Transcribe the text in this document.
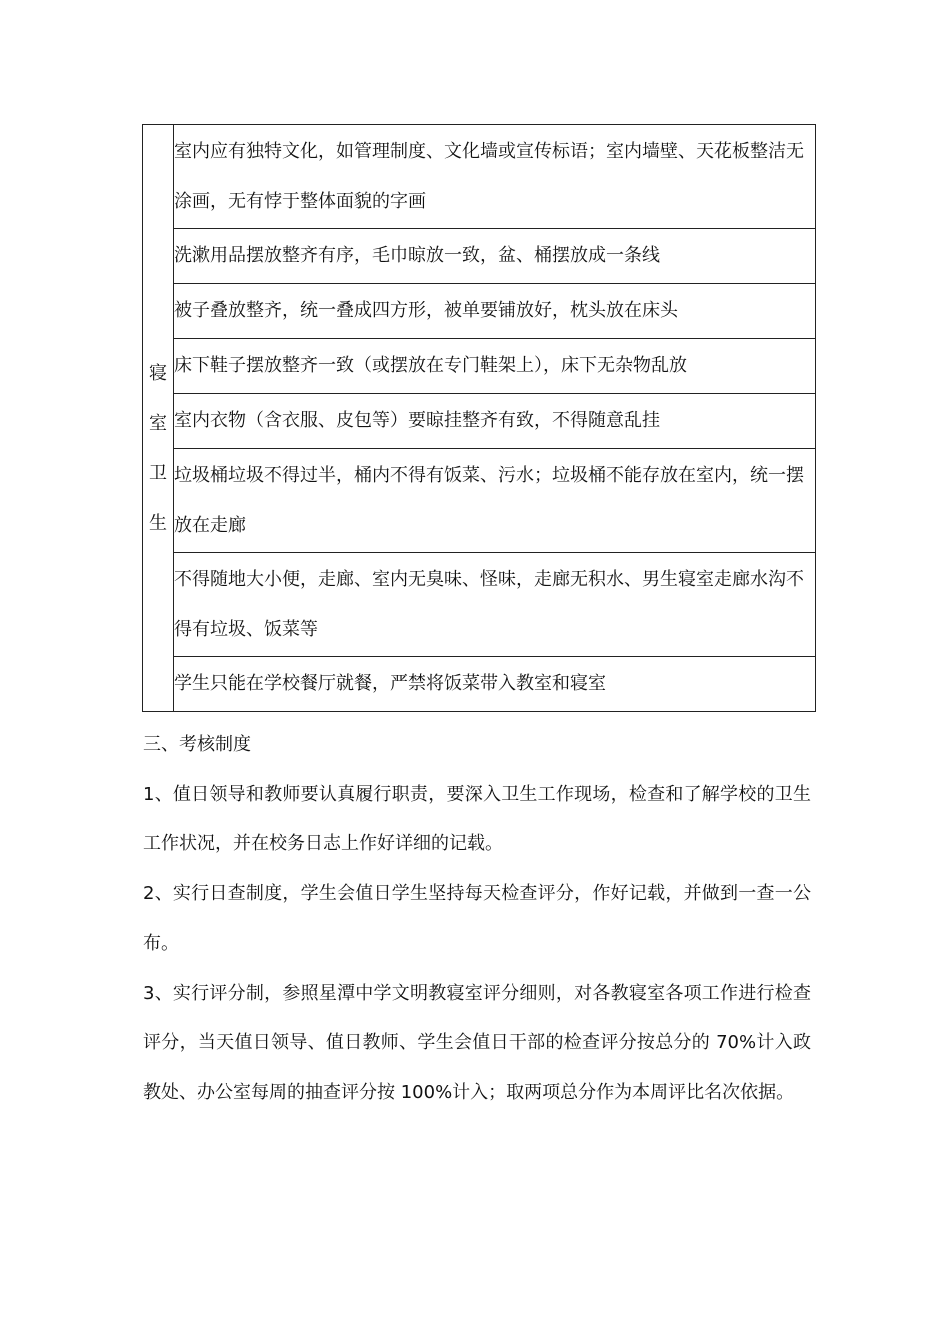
寝室卫生

室内应有独特文化，如管理制度、文化墙或宣传标语；室内墙壁、天花板整洁无涂画，无有悖于整体面貌的字画

洗漱用品摆放整齐有序，毛巾晾放一致，盆、桶摆放成一条线

被子叠放整齐，统一叠成四方形，被单要铺放好，枕头放在床头

床下鞋子摆放整齐一致（或摆放在专门鞋架上），床下无杂物乱放

室内衣物（含衣服、皮包等）要晾挂整齐有致，不得随意乱挂

垃圾桶垃圾不得过半，桶内不得有饭菜、污水；垃圾桶不能存放在室内，统一摆放在走廊

不得随地大小便，走廊、室内无臭味、怪味，走廊无积水、男生寝室走廊水沟不得有垃圾、饭菜等

学生只能在学校餐厅就餐，严禁将饭菜带入教室和寝室

三、考核制度

1、值日领导和教师要认真履行职责，要深入卫生工作现场，检查和了解学校的卫生工作状况，并在校务日志上作好详细的记载。

2、实行日查制度，学生会值日学生坚持每天检查评分，作好记载，并做到一查一公布。

3、实行评分制，参照星潭中学文明教寝室评分细则，对各教寝室各项工作进行检查评分，当天值日领导、值日教师、学生会值日干部的检查评分按总分的 70%计入政教处、办公室每周的抽查评分按 100%计入；取两项总分作为本周评比名次依据。
